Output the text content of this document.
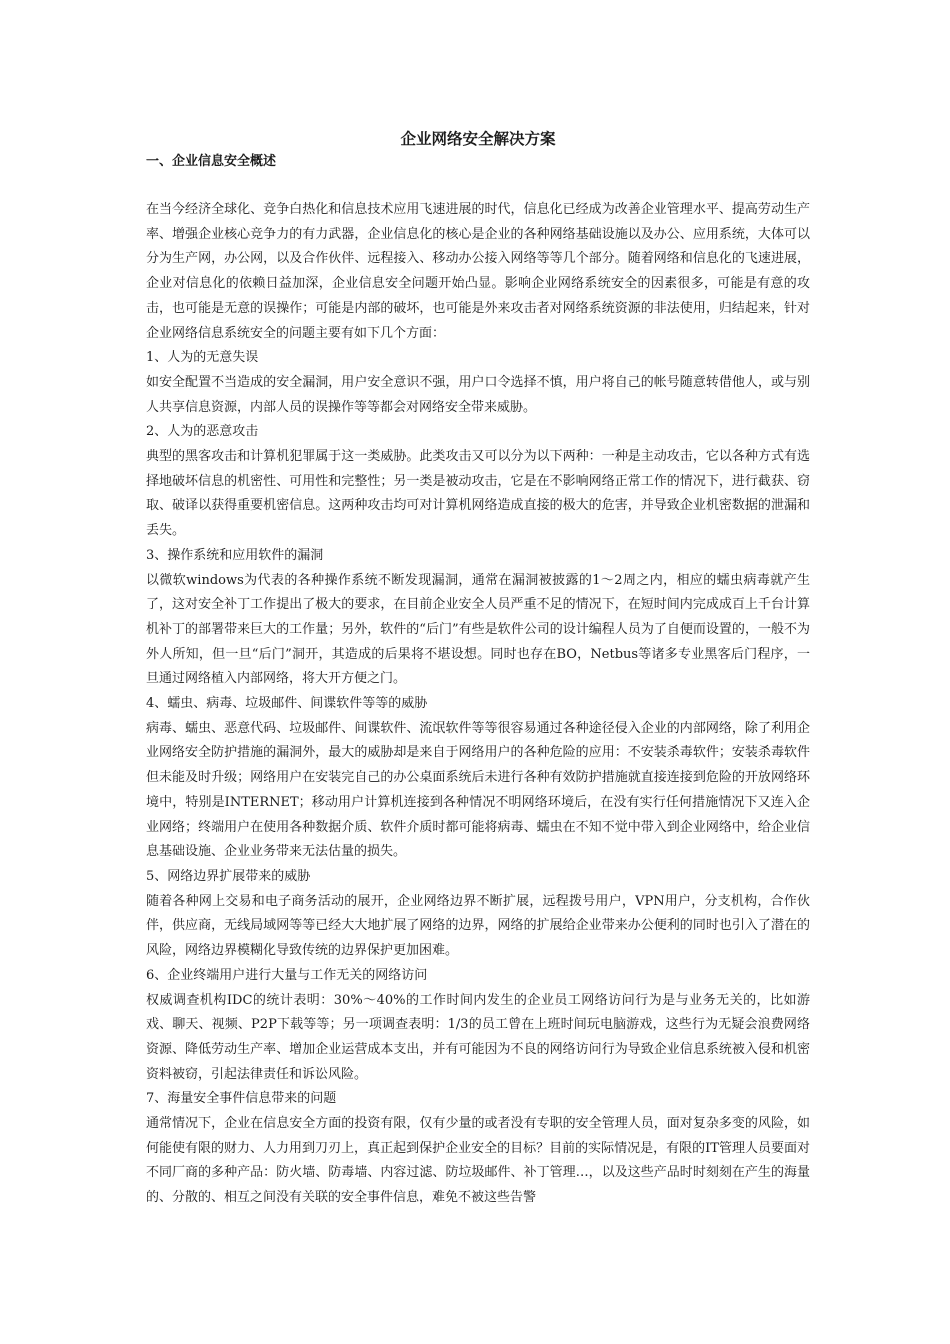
企业网络安全解决方案
一、企业信息安全概述

在当今经济全球化、竞争白热化和信息技术应用飞速进展的时代，信息化已经成为改善企业管理水平、提高劳动生产率、增强企业核心竞争力的有力武器，企业信息化的核心是企业的各种网络基础设施以及办公、应用系统，大体可以分为生产网，办公网，以及合作伙伴、远程接入、移动办公接入网络等等几个部分。随着网络和信息化的飞速进展，企业对信息化的依赖日益加深，企业信息安全问题开始凸显。影响企业网络系统安全的因素很多，可能是有意的攻击，也可能是无意的误操作；可能是内部的破坏，也可能是外来攻击者对网络系统资源的非法使用，归结起来，针对企业网络信息系统安全的问题主要有如下几个方面：

1、人为的无意失误

如安全配置不当造成的安全漏洞，用户安全意识不强，用户口令选择不慎，用户将自己的帐号随意转借他人，或与别人共享信息资源，内部人员的误操作等等都会对网络安全带来威胁。

2、人为的恶意攻击

典型的黑客攻击和计算机犯罪属于这一类威胁。此类攻击又可以分为以下两种：一种是主动攻击，它以各种方式有选择地破坏信息的机密性、可用性和完整性；另一类是被动攻击，它是在不影响网络正常工作的情况下，进行截获、窃取、破译以获得重要机密信息。这两种攻击均可对计算机网络造成直接的极大的危害，并导致企业机密数据的泄漏和丢失。

3、操作系统和应用软件的漏洞

以微软windows为代表的各种操作系统不断发现漏洞，通常在漏洞被披露的1～2周之内，相应的蠕虫病毒就产生了，这对安全补丁工作提出了极大的要求，在目前企业安全人员严重不足的情况下，在短时间内完成成百上千台计算机补丁的部署带来巨大的工作量；另外，软件的“后门”有些是软件公司的设计编程人员为了自便而设置的，一般不为外人所知，但一旦“后门”洞开，其造成的后果将不堪设想。同时也存在BO，Netbus等诸多专业黑客后门程序，一旦通过网络植入内部网络，将大开方便之门。

4、蠕虫、病毒、垃圾邮件、间谍软件等等的威胁

病毒、蠕虫、恶意代码、垃圾邮件、间谍软件、流氓软件等等很容易通过各种途径侵入企业的内部网络，除了利用企业网络安全防护措施的漏洞外，最大的威胁却是来自于网络用户的各种危险的应用：不安装杀毒软件；安装杀毒软件但未能及时升级；网络用户在安装完自己的办公桌面系统后未进行各种有效防护措施就直接连接到危险的开放网络环境中，特别是INTERNET；移动用户计算机连接到各种情况不明网络环境后，在没有实行任何措施情况下又连入企业网络；终端用户在使用各种数据介质、软件介质时都可能将病毒、蠕虫在不知不觉中带入到企业网络中，给企业信息基础设施、企业业务带来无法估量的损失。

5、网络边界扩展带来的威胁

随着各种网上交易和电子商务活动的展开，企业网络边界不断扩展，远程拨号用户，VPN用户，分支机构，合作伙伴，供应商，无线局域网等等已经大大地扩展了网络的边界，网络的扩展给企业带来办公便利的同时也引入了潜在的风险，网络边界模糊化导致传统的边界保护更加困难。

6、企业终端用户进行大量与工作无关的网络访问

权威调查机构IDC的统计表明：30%～40%的工作时间内发生的企业员工网络访问行为是与业务无关的，比如游戏、聊天、视频、P2P下载等等；另一项调查表明：1/3的员工曾在上班时间玩电脑游戏，这些行为无疑会浪费网络资源、降低劳动生产率、增加企业运营成本支出，并有可能因为不良的网络访问行为导致企业信息系统被入侵和机密资料被窃，引起法律责任和诉讼风险。

7、海量安全事件信息带来的问题

通常情况下，企业在信息安全方面的投资有限，仅有少量的或者没有专职的安全管理人员，面对复杂多变的风险，如何能使有限的财力、人力用到刀刃上，真正起到保护企业安全的目标？目前的实际情况是，有限的IT管理人员要面对不同厂商的多种产品：防火墙、防毒墙、内容过滤、防垃圾邮件、补丁管理…，以及这些产品时时刻刻在产生的海量的、分散的、相互之间没有关联的安全事件信息，难免不被这些告警
